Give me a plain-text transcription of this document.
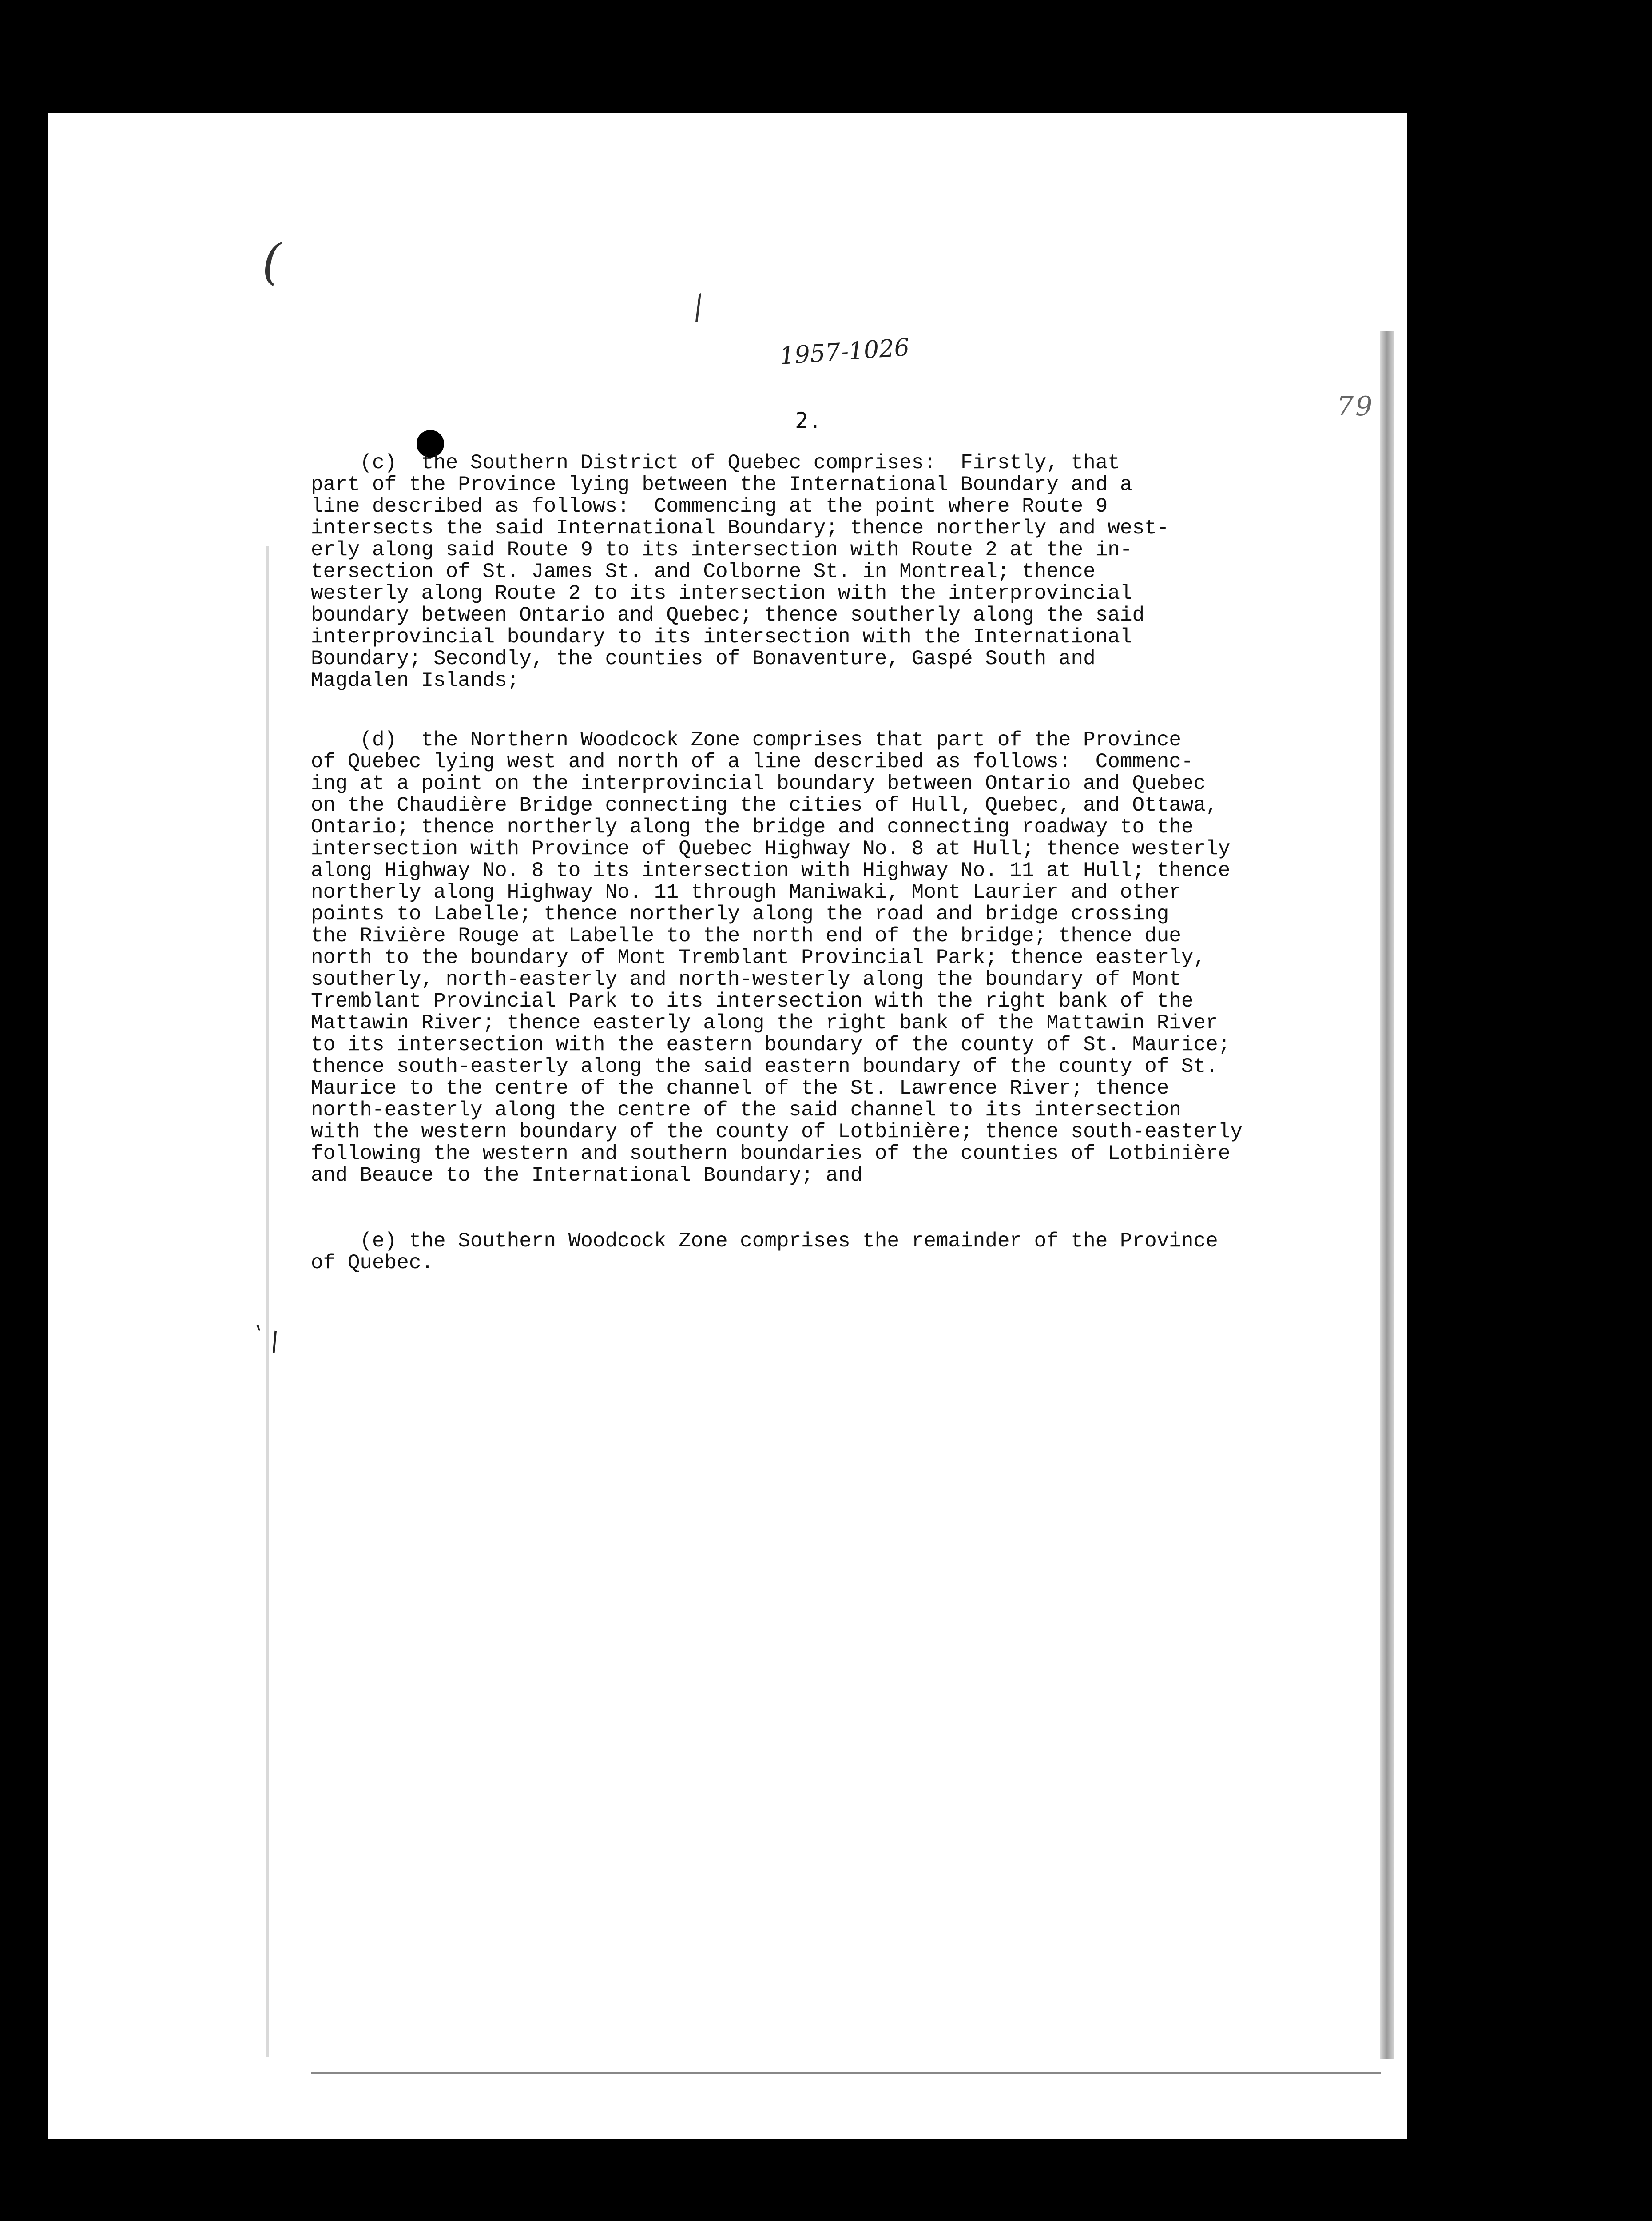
(
/
1957-1026
79
` \
2.
(c)  the Southern District of Quebec comprises:  Firstly, that
part of the Province lying between the International Boundary and a
line described as follows:  Commencing at the point where Route 9
intersects the said International Boundary; thence northerly and west-
erly along said Route 9 to its intersection with Route 2 at the in-
tersection of St. James St. and Colborne St. in Montreal; thence
westerly along Route 2 to its intersection with the interprovincial
boundary between Ontario and Quebec; thence southerly along the said
interprovincial boundary to its intersection with the International
Boundary; Secondly, the counties of Bonaventure, Gaspé South and
Magdalen Islands;
(d)  the Northern Woodcock Zone comprises that part of the Province
of Quebec lying west and north of a line described as follows:  Commenc-
ing at a point on the interprovincial boundary between Ontario and Quebec
on the Chaudière Bridge connecting the cities of Hull, Quebec, and Ottawa,
Ontario; thence northerly along the bridge and connecting roadway to the
intersection with Province of Quebec Highway No. 8 at Hull; thence westerly
along Highway No. 8 to its intersection with Highway No. 11 at Hull; thence
northerly along Highway No. 11 through Maniwaki, Mont Laurier and other
points to Labelle; thence northerly along the road and bridge crossing
the Rivière Rouge at Labelle to the north end of the bridge; thence due
north to the boundary of Mont Tremblant Provincial Park; thence easterly,
southerly, north-easterly and north-westerly along the boundary of Mont
Tremblant Provincial Park to its intersection with the right bank of the
Mattawin River; thence easterly along the right bank of the Mattawin River
to its intersection with the eastern boundary of the county of St. Maurice;
thence south-easterly along the said eastern boundary of the county of St.
Maurice to the centre of the channel of the St. Lawrence River; thence
north-easterly along the centre of the said channel to its intersection
with the western boundary of the county of Lotbinière; thence south-easterly
following the western and southern boundaries of the counties of Lotbinière
and Beauce to the International Boundary; and
(e) the Southern Woodcock Zone comprises the remainder of the Province
of Quebec.
